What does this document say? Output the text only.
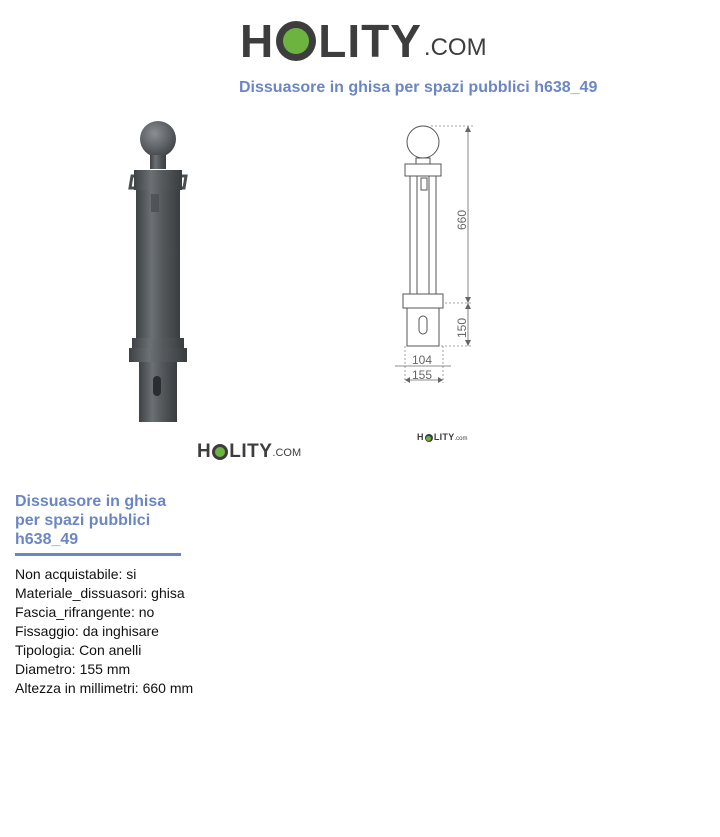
H LITY .COM
Dissuasore in ghisa per spazi pubblici h638_49
660
150
104
155
H LITY .COM
H LITY .com
Dissuasore in ghisa
per spazi pubblici
h638_49
Non acquistabile: si
Materiale_dissuasori: ghisa
Fascia_rifrangente: no
Fissaggio: da inghisare
Tipologia: Con anelli
Diametro: 155 mm
Altezza in millimetri: 660 mm
